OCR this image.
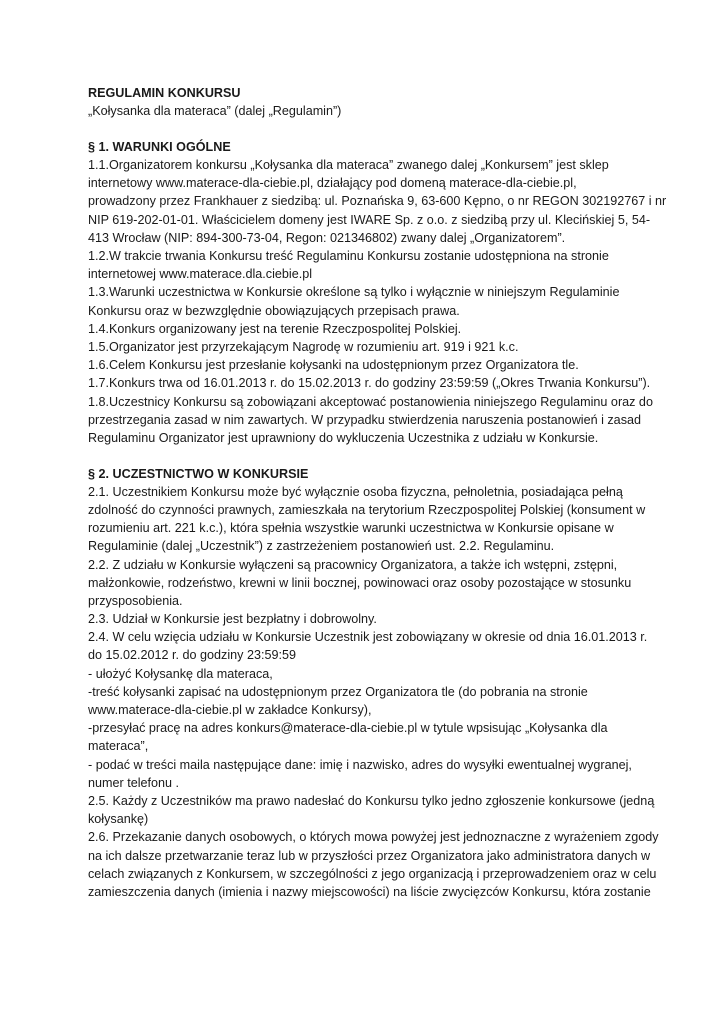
REGULAMIN KONKURSU
„Kołysanka dla materaca” (dalej „Regulamin”)
§ 1. WARUNKI OGÓLNE
1.1.Organizatorem konkursu „Kołysanka dla materaca” zwanego dalej „Konkursem” jest sklep
internetowy www.materace-dla-ciebie.pl, działający pod domeną materace-dla-ciebie.pl,
prowadzony przez Frankhauer z siedzibą: ul. Poznańska 9, 63-600 Kępno, o nr REGON 302192767 i nr
NIP 619-202-01-01. Właścicielem domeny jest IWARE Sp. z o.o. z siedzibą przy ul. Klecińskiej 5, 54-
413 Wrocław (NIP: 894-300-73-04, Regon: 021346802) zwany dalej „Organizatorem”.
1.2.W trakcie trwania Konkursu treść Regulaminu Konkursu zostanie udostępniona na stronie
internetowej www.materace.dla.ciebie.pl
1.3.Warunki uczestnictwa w Konkursie określone są tylko i wyłącznie w niniejszym Regulaminie
Konkursu oraz w bezwzględnie obowiązujących przepisach prawa.
1.4.Konkurs organizowany jest na terenie Rzeczpospolitej Polskiej.
1.5.Organizator jest przyrzekającym Nagrodę w rozumieniu art. 919 i 921 k.c.
1.6.Celem Konkursu jest przesłanie kołysanki na udostępnionym przez Organizatora tle.
1.7.Konkurs trwa od 16.01.2013 r. do 15.02.2013 r. do godziny 23:59:59 („Okres Trwania Konkursu”).
1.8.Uczestnicy Konkursu są zobowiązani akceptować postanowienia niniejszego Regulaminu oraz do
przestrzegania zasad w nim zawartych. W przypadku stwierdzenia naruszenia postanowień i zasad
Regulaminu Organizator jest uprawniony do wykluczenia Uczestnika z udziału w Konkursie.
§ 2. UCZESTNICTWO W KONKURSIE
2.1. Uczestnikiem Konkursu może być wyłącznie osoba fizyczna, pełnoletnia, posiadająca pełną
zdolność do czynności prawnych, zamieszkała na terytorium Rzeczpospolitej Polskiej (konsument w
rozumieniu art. 221 k.c.), która spełnia wszystkie warunki uczestnictwa w Konkursie opisane w
Regulaminie (dalej „Uczestnik”) z zastrzeżeniem postanowień ust. 2.2. Regulaminu.
2.2. Z udziału w Konkursie wyłączeni są pracownicy Organizatora, a także ich wstępni, zstępni,
małżonkowie, rodzeństwo, krewni w linii bocznej, powinowaci oraz osoby pozostające w stosunku
przysposobienia.
2.3. Udział w Konkursie jest bezpłatny i dobrowolny.
2.4. W celu wzięcia udziału w Konkursie Uczestnik jest zobowiązany w okresie od dnia 16.01.2013 r.
do 15.02.2012 r. do godziny 23:59:59
- ułożyć Kołysankę dla materaca,
-treść kołysanki zapisać na udostępnionym przez Organizatora tle (do pobrania na stronie
www.materace-dla-ciebie.pl w zakładce Konkursy),
-przesyłać pracę na adres konkurs@materace-dla-ciebie.pl w tytule wpsisując „Kołysanka dla
materaca”,
- podać w treści maila następujące dane: imię i nazwisko, adres do wysyłki ewentualnej wygranej,
numer telefonu .
2.5. Każdy z Uczestników ma prawo nadesłać do Konkursu tylko jedno zgłoszenie konkursowe (jedną
kołysankę)
2.6. Przekazanie danych osobowych, o których mowa powyżej jest jednoznaczne z wyrażeniem zgody
na ich dalsze przetwarzanie teraz lub w przyszłości przez Organizatora jako administratora danych w
celach związanych z Konkursem, w szczególności z jego organizacją i przeprowadzeniem oraz w celu
zamieszczenia danych (imienia i nazwy miejscowości) na liście zwycięzców Konkursu, która zostanie
